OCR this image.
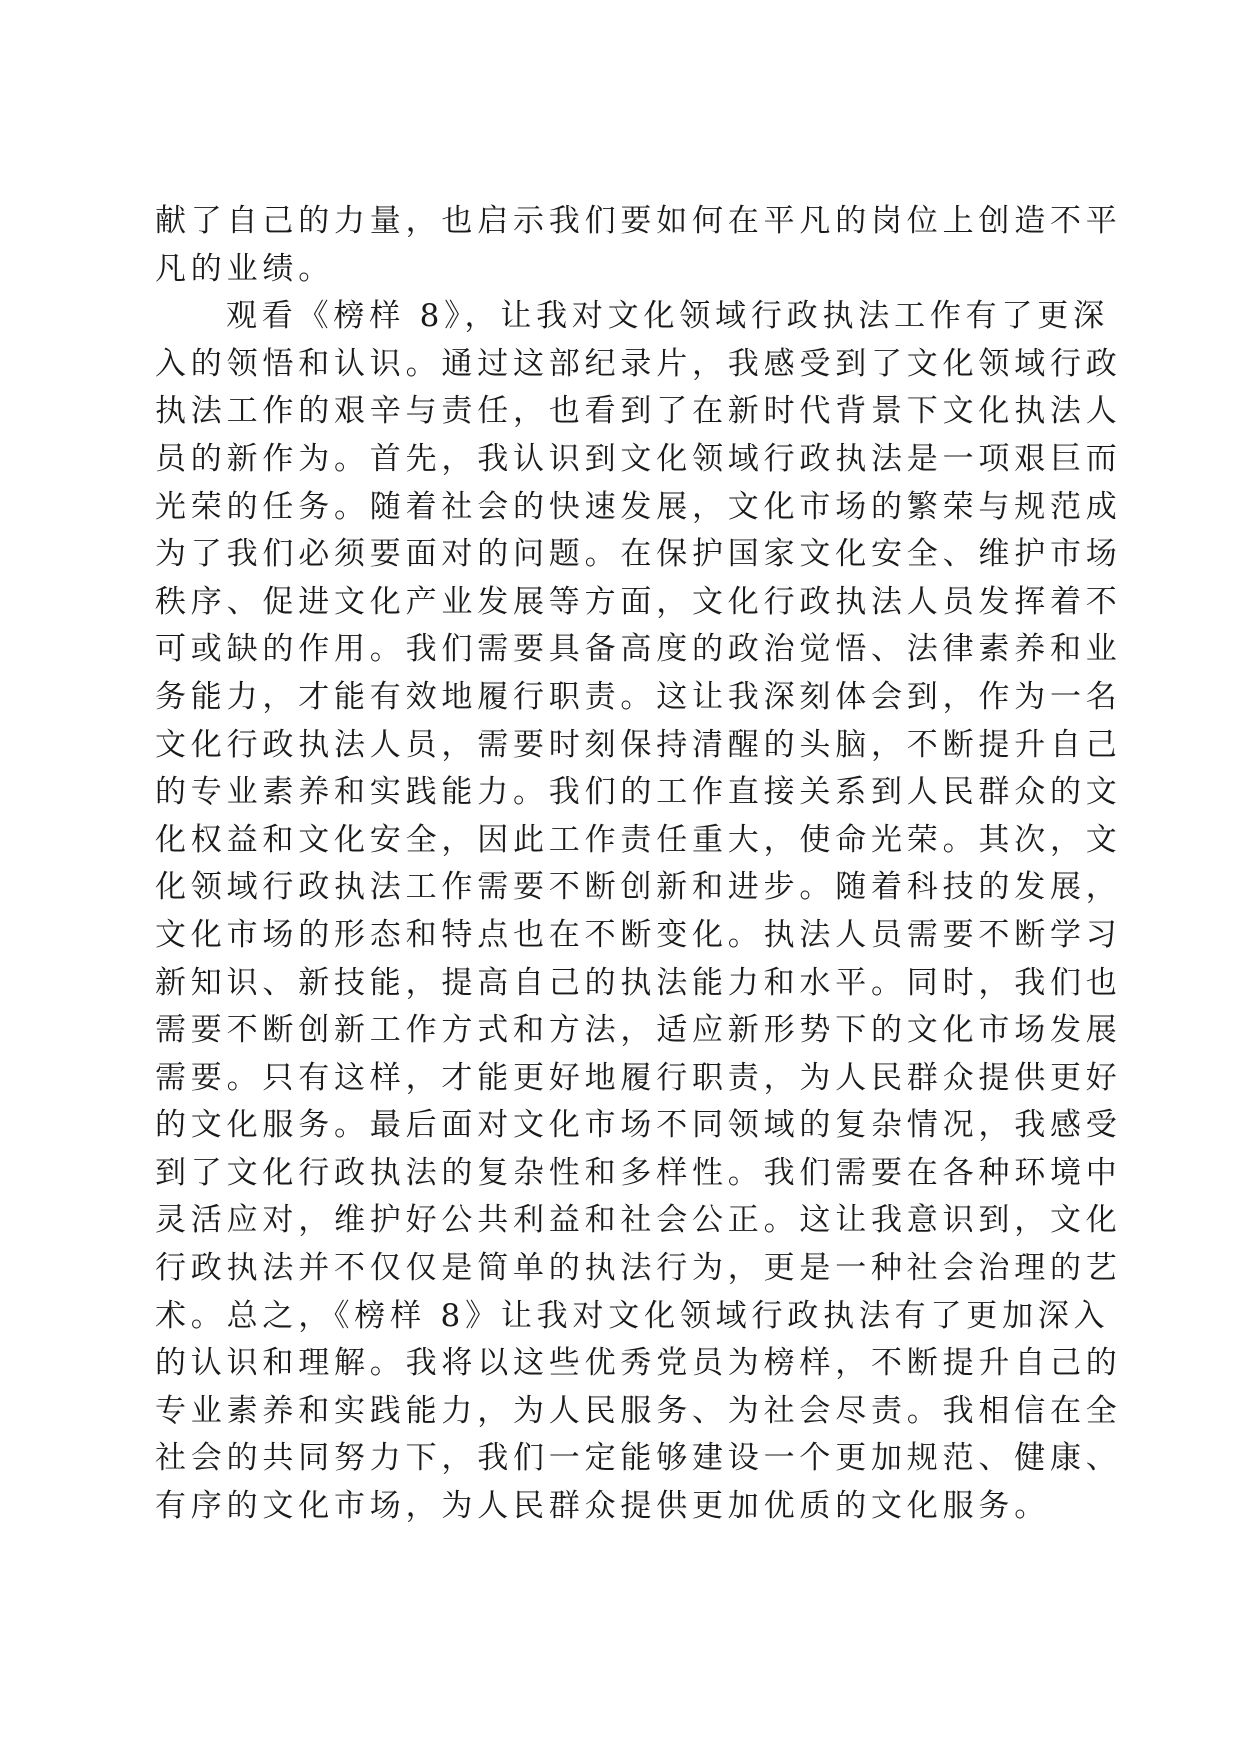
献了自己的力量，也启示我们要如何在平凡的岗位上创造不平
凡的业绩。
观看《榜样 8》，让我对文化领域行政执法工作有了更深
入的领悟和认识。通过这部纪录片，我感受到了文化领域行政
执法工作的艰辛与责任，也看到了在新时代背景下文化执法人
员的新作为。首先，我认识到文化领域行政执法是一项艰巨而
光荣的任务。随着社会的快速发展，文化市场的繁荣与规范成
为了我们必须要面对的问题。在保护国家文化安全、维护市场
秩序、促进文化产业发展等方面，文化行政执法人员发挥着不
可或缺的作用。我们需要具备高度的政治觉悟、法律素养和业
务能力，才能有效地履行职责。这让我深刻体会到，作为一名
文化行政执法人员，需要时刻保持清醒的头脑，不断提升自己
的专业素养和实践能力。我们的工作直接关系到人民群众的文
化权益和文化安全，因此工作责任重大，使命光荣。其次，文
化领域行政执法工作需要不断创新和进步。随着科技的发展，
文化市场的形态和特点也在不断变化。执法人员需要不断学习
新知识、新技能，提高自己的执法能力和水平。同时，我们也
需要不断创新工作方式和方法，适应新形势下的文化市场发展
需要。只有这样，才能更好地履行职责，为人民群众提供更好
的文化服务。最后面对文化市场不同领域的复杂情况，我感受
到了文化行政执法的复杂性和多样性。我们需要在各种环境中
灵活应对，维护好公共利益和社会公正。这让我意识到，文化
行政执法并不仅仅是简单的执法行为，更是一种社会治理的艺
术。总之，《榜样 8》让我对文化领域行政执法有了更加深入
的认识和理解。我将以这些优秀党员为榜样，不断提升自己的
专业素养和实践能力，为人民服务、为社会尽责。我相信在全
社会的共同努力下，我们一定能够建设一个更加规范、健康、
有序的文化市场，为人民群众提供更加优质的文化服务。
